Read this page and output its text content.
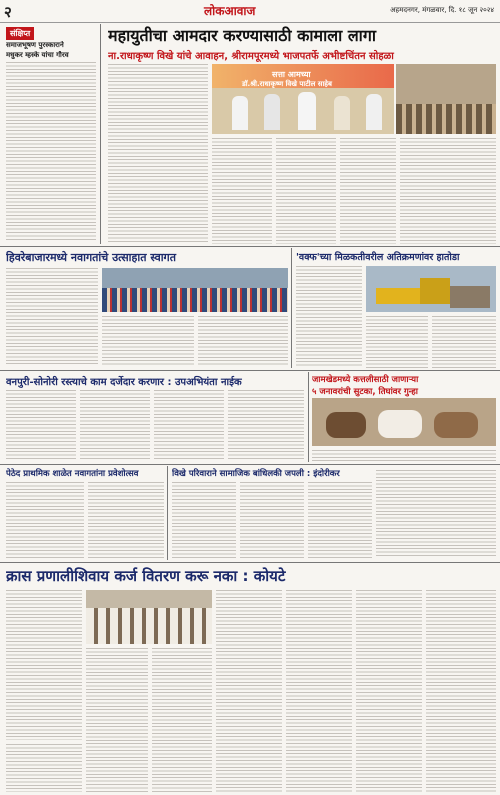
२	लोकआवाज	अहमदनगर, मंगळवार, दि. १८ जून २०२४
संक्षिप्त
समाजभूषण पुरस्काराने
मधुकर म्हस्के यांचा गौरव
महायुतीचा आमदार करण्यासाठी कामाला लागा
ना.राधाकृष्ण विखे यांचे आवाहन, श्रीरामपूरमध्ये भाजपतर्फे अभीष्टचिंतन सोहळा
सत्ता आमच्या
डॉ.श्री.राधाकृष्ण विखे पाटील साहेब
हिवरेबाजारमध्ये नवागतांचे उत्साहात स्वागत	'वक्फ'च्या मिळकतीवरील अतिक्रमणांवर हातोडा
वनपुरी-सोनोरी रस्त्याचे काम दर्जेदार करणार : उपअभियंता नाईक	जामखेडमध्ये कत्तलीसाठी जाणाऱ्या
५ जनावरांची सुटका, तिघांवर गुन्हा
पेठेद प्राथमिक शाळेत नवागतांना प्रवेशोत्सव	विखे परिवाराने सामाजिक बांधिलकी जपली : इंदोरीकर
क्रास प्रणालीशिवाय कर्ज वितरण करू नका : कोयटे
